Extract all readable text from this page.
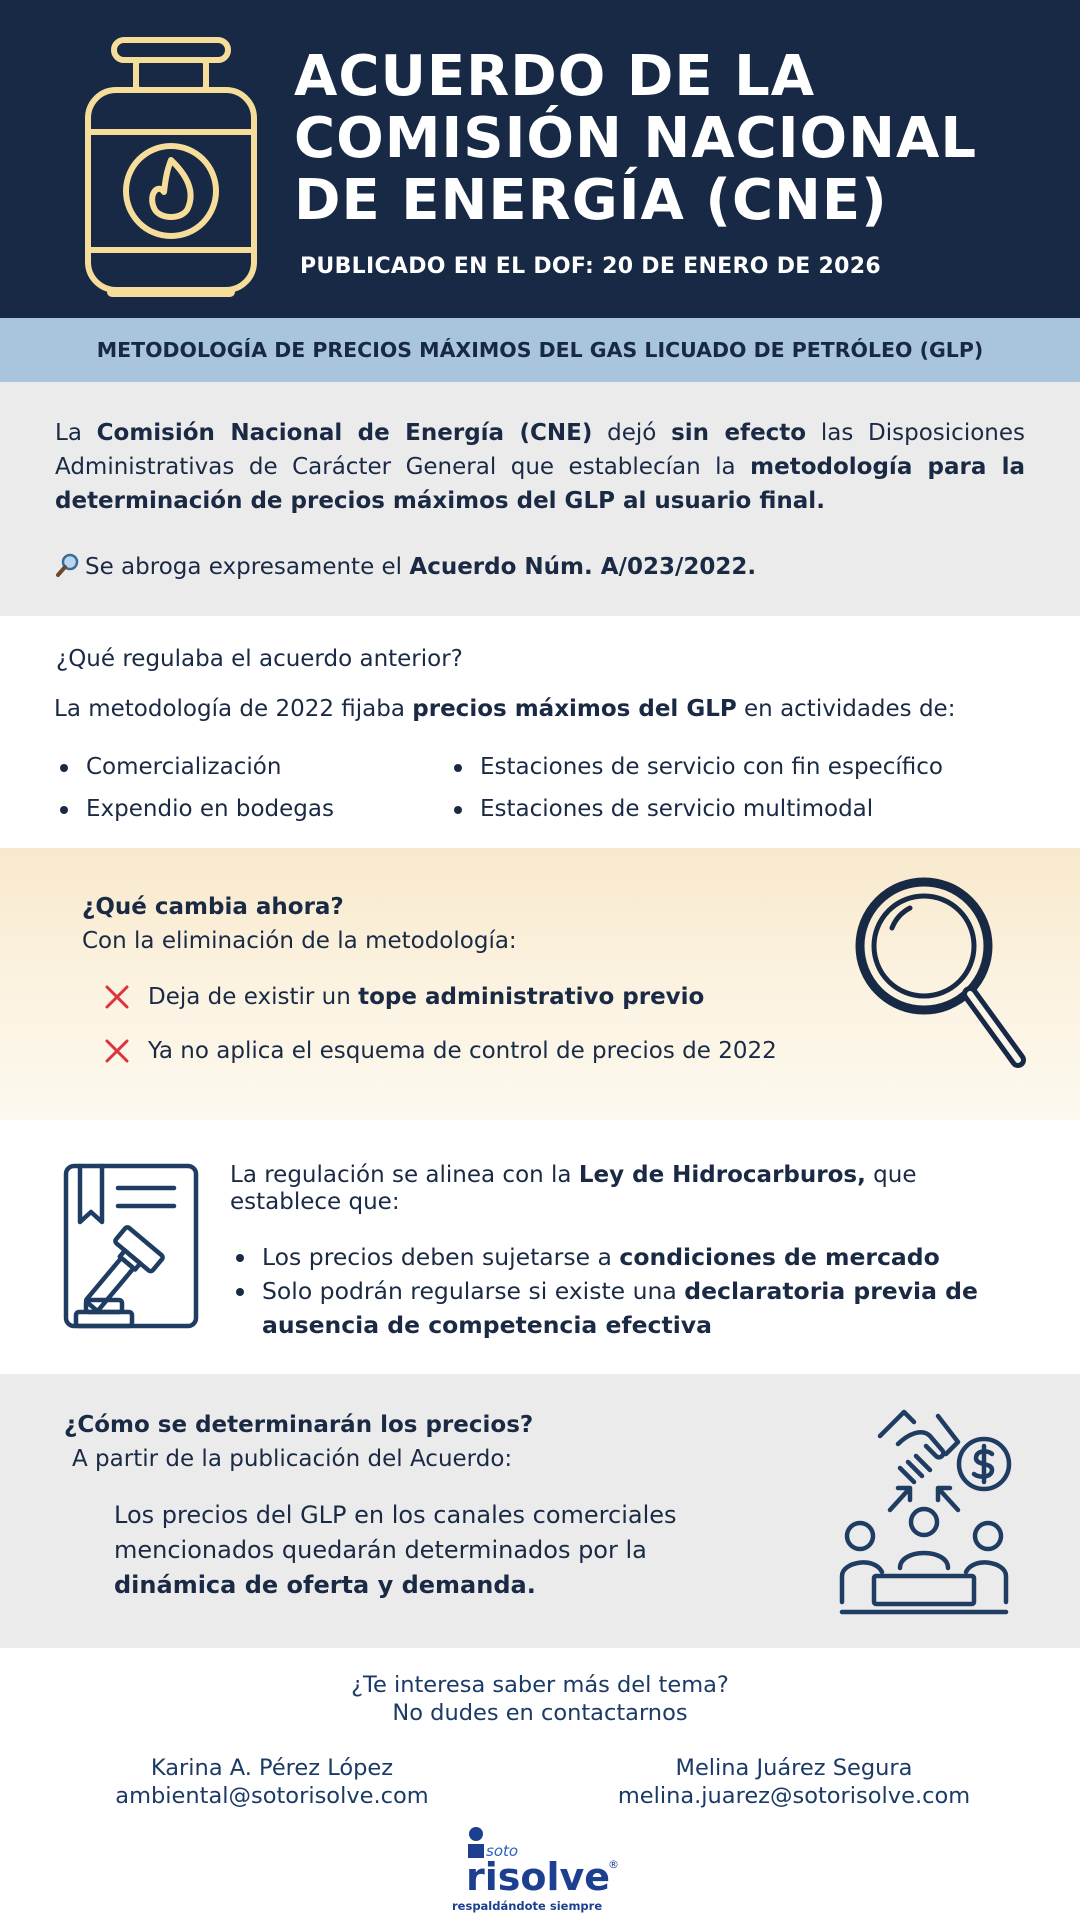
ACUERDO DE LA
COMISIÓN NACIONAL
DE ENERGÍA (CNE)
PUBLICADO EN EL DOF: 20 DE ENERO DE 2026
METODOLOGÍA DE PRECIOS MÁXIMOS DEL GAS LICUADO DE PETRÓLEO (GLP)

La Comisión Nacional de Energía (CNE) dejó sin efecto las Disposiciones Administrativas de Carácter General que establecían la metodología para la determinación de precios máximos del GLP al usuario final.

Se abroga expresamente el Acuerdo Núm. A/023/2022.

¿Qué regulaba el acuerdo anterior?

La metodología de 2022 fijaba precios máximos del GLP en actividades de:

Comercialización
Expendio en bodegas
Estaciones de servicio con fin específico
Estaciones de servicio multimodal

¿Qué cambia ahora?

Con la eliminación de la metodología:

Deja de existir un tope administrativo previo

Ya no aplica el esquema de control de precios de 2022

La regulación se alinea con la Ley de Hidrocarburos, que establece que:

Los precios deben sujetarse a condiciones de mercado
Solo podrán regularse si existe una declaratoria previa de ausencia de competencia efectiva

¿Cómo se determinarán los precios?

A partir de la publicación del Acuerdo:

Los precios del GLP en los canales comerciales mencionados quedarán determinados por la dinámica de oferta y demanda.

¿Te interesa saber más del tema?

No dudes en contactarnos

Karina A. Pérez López
ambiental@sotorisolve.com
Melina Juárez Segura
melina.juarez@sotorisolve.com
soto
risolve
®
respaldándote siempre
